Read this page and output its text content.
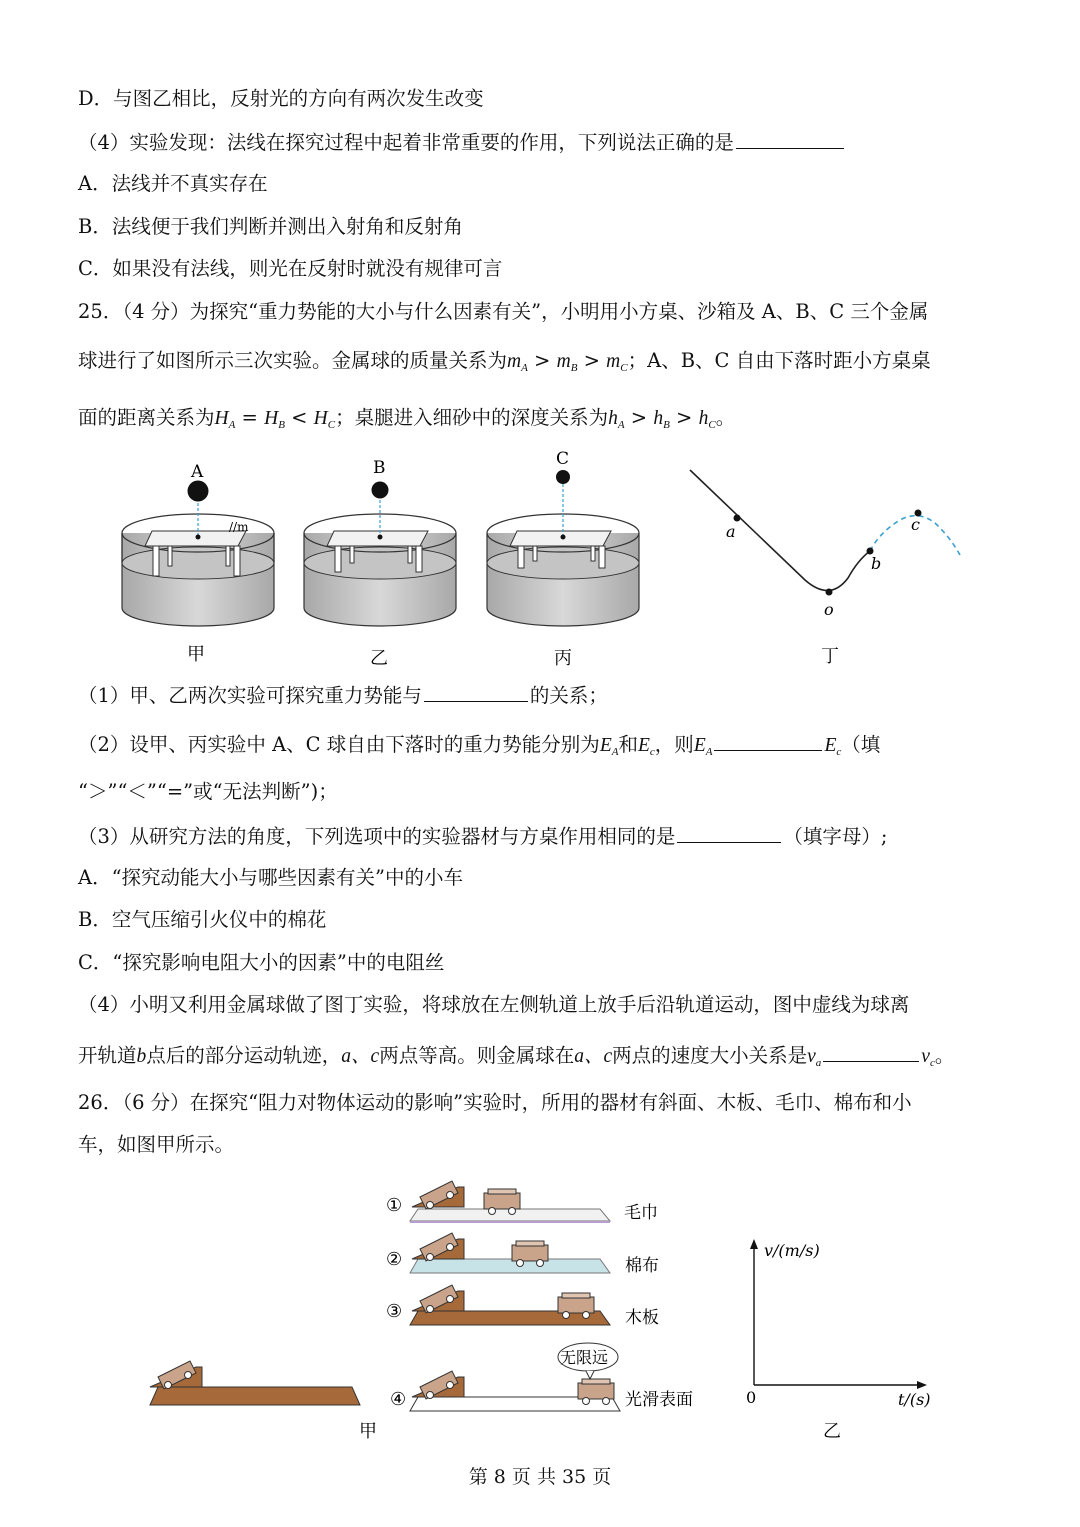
D．与图乙相比，反射光的方向有两次发生改变
（4）实验发现：法线在探究过程中起着非常重要的作用，下列说法正确的是
A．法线并不真实存在
B．法线便于我们判断并测出入射角和反射角
C．如果没有法线，则光在反射时就没有规律可言
25．（4 分）为探究“重力势能的大小与什么因素有关”，小明用小方桌、沙箱及 A、B、C 三个金属
球进行了如图所示三次实验。金属球的质量关系为$m_A > m_B > m_C$；A、B、C 自由下落时距小方桌桌
面的距离关系为$H_A = H_B < H_C$；桌腿进入细砂中的深度关系为$h_A > h_B > h_C$。
//m
A	B	C
a
o
b
c
甲	乙	丙	丁
（1）甲、乙两次实验可探究重力势能与	的关系；
（2）设甲、丙实验中 A、C 球自由下落时的重力势能分别为$E_A$和$E_c$，则$E_A$	$E_c$（填
“＞”“＜”“=”或“无法判断”)；
（3）从研究方法的角度，下列选项中的实验器材与方桌作用相同的是	（填字母）;
A．“探究动能大小与哪些因素有关”中的小车
B．空气压缩引火仪中的棉花
C．“探究影响电阻大小的因素”中的电阻丝
（4）小明又利用金属球做了图丁实验，将球放在左侧轨道上放手后沿轨道运动，图中虚线为球离
开轨道b点后的部分运动轨迹，a、c两点等高。则金属球在a、c两点的速度大小关系是$v_a$	$v_c$。
26．（6 分）在探究“阻力对物体运动的影响”实验时，所用的器材有斜面、木板、毛巾、棉布和小
车，如图甲所示。
①
②
③
④
毛巾
棉布
木板
光滑表面
无限远
甲	乙
v/(m/s)
t/(s)
0
第 8 页 共 35 页
